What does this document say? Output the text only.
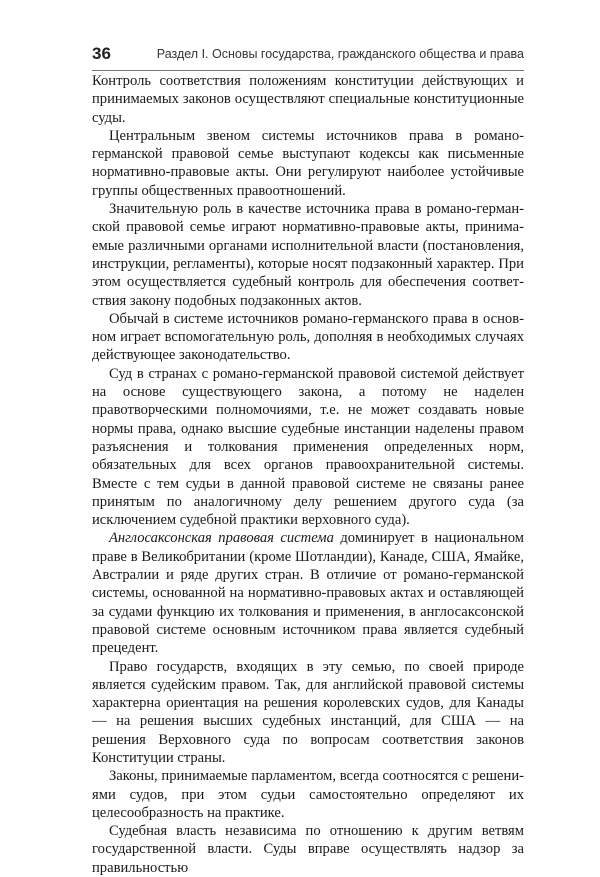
36	Раздел I. Основы государства, гражданского общества и права

Контроль соответствия положениям конституции действующих и принимаемых законов осуществляют специальные конституционные суды.

Центральным звеном системы источников права в романо-германской правовой семье выступают кодексы как письменные нормативно-правовые акты. Они регулируют наиболее устойчивые группы общественных правоотношений.

Значительную роль в качестве источника права в романо-германской правовой семье играют нормативно-правовые акты, принимаемые различными органами исполнительной власти (постановления, инструкции, регламенты), которые носят подзаконный характер. При этом осуществляется судебный контроль для обеспечения соответствия закону подобных подзаконных актов.

Обычай в системе источников романо-германского права в основном играет вспомогательную роль, дополняя в необходимых случаях действующее законодательство.

Суд в странах с романо-германской правовой системой действует на основе существующего закона, а потому не наделен правотворческими полномочиями, т.е. не может создавать новые нормы права, однако высшие судебные инстанции наделены правом разъяснения и толкования применения определенных норм, обязательных для всех органов правоохранительной системы. Вместе с тем судьи в данной правовой системе не связаны ранее принятым по аналогичному делу решением другого суда (за исключением судебной практики верховного суда).

Англосаксонская правовая система доминирует в национальном праве в Великобритании (кроме Шотландии), Канаде, США, Ямайке, Австралии и ряде других стран. В отличие от романо-германской системы, основанной на нормативно-правовых актах и оставляющей за судами функцию их толкования и применения, в англосаксонской правовой системе основным источником права является судебный прецедент.

Право государств, входящих в эту семью, по своей природе является судейским правом. Так, для английской правовой системы характерна ориентация на решения королевских судов, для Канады — на решения высших судебных инстанций, для США — на решения Верховного суда по вопросам соответствия законов Конституции страны.

Законы, принимаемые парламентом, всегда соотносятся с решениями судов, при этом судьи самостоятельно определяют их целесообразность на практике.

Судебная власть независима по отношению к другим ветвям государственной власти. Суды вправе осуществлять надзор за правильностью
